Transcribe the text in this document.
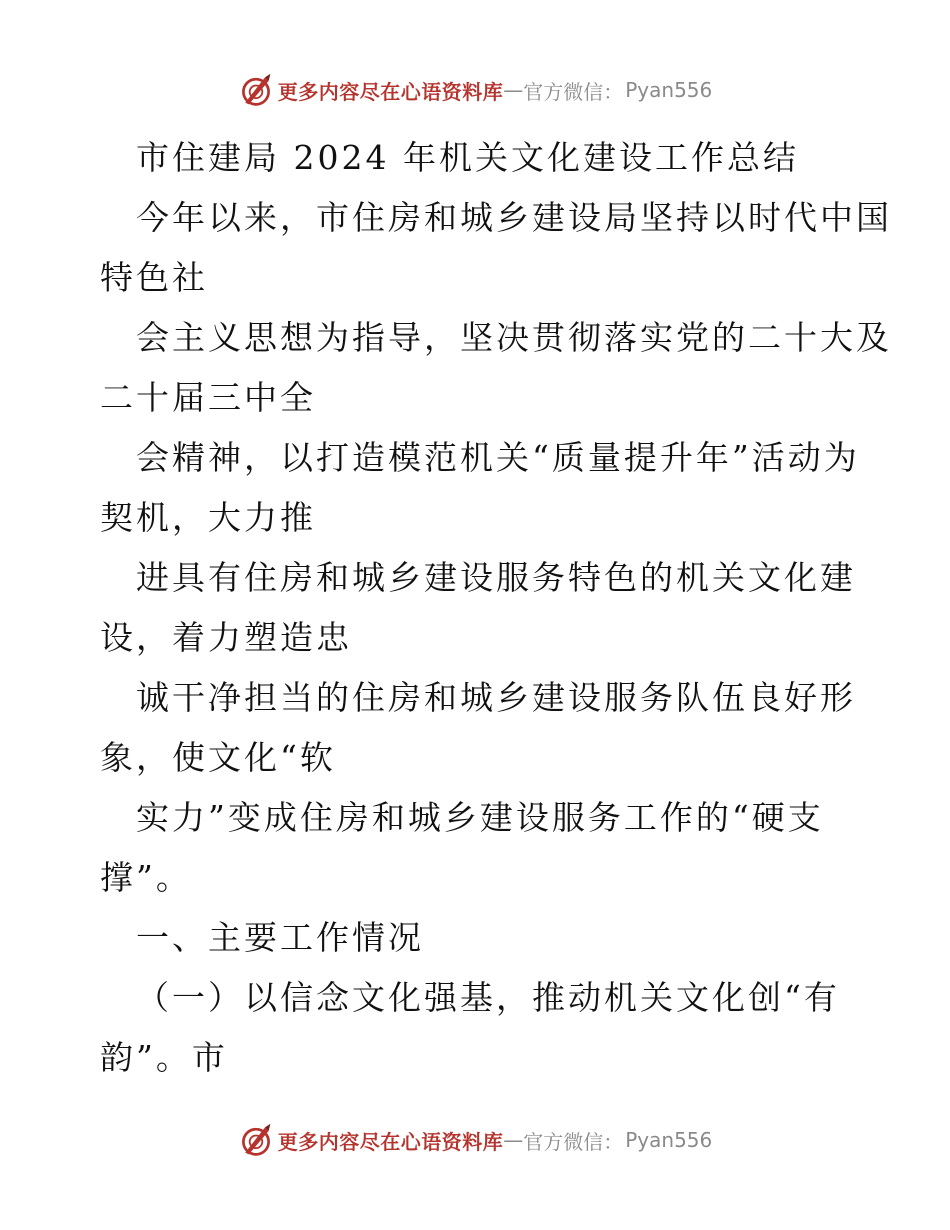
更多内容尽在心语资料库 — 官方微信： Pyan556

市住建局 2024 年机关文化建设工作总结

今年以来，市住房和城乡建设局坚持以时代中国

特色社

会主义思想为指导，坚决贯彻落实党的二十大及

二十届三中全

会精神，以打造模范机关“质量提升年”活动为

契机，大力推

进具有住房和城乡建设服务特色的机关文化建

设，着力塑造忠

诚干净担当的住房和城乡建设服务队伍良好形

象，使文化“软

实力”变成住房和城乡建设服务工作的“硬支

撑”。

一、主要工作情况

（一）以信念文化强基，推动机关文化创“有

韵”。市

更多内容尽在心语资料库 — 官方微信： Pyan556
